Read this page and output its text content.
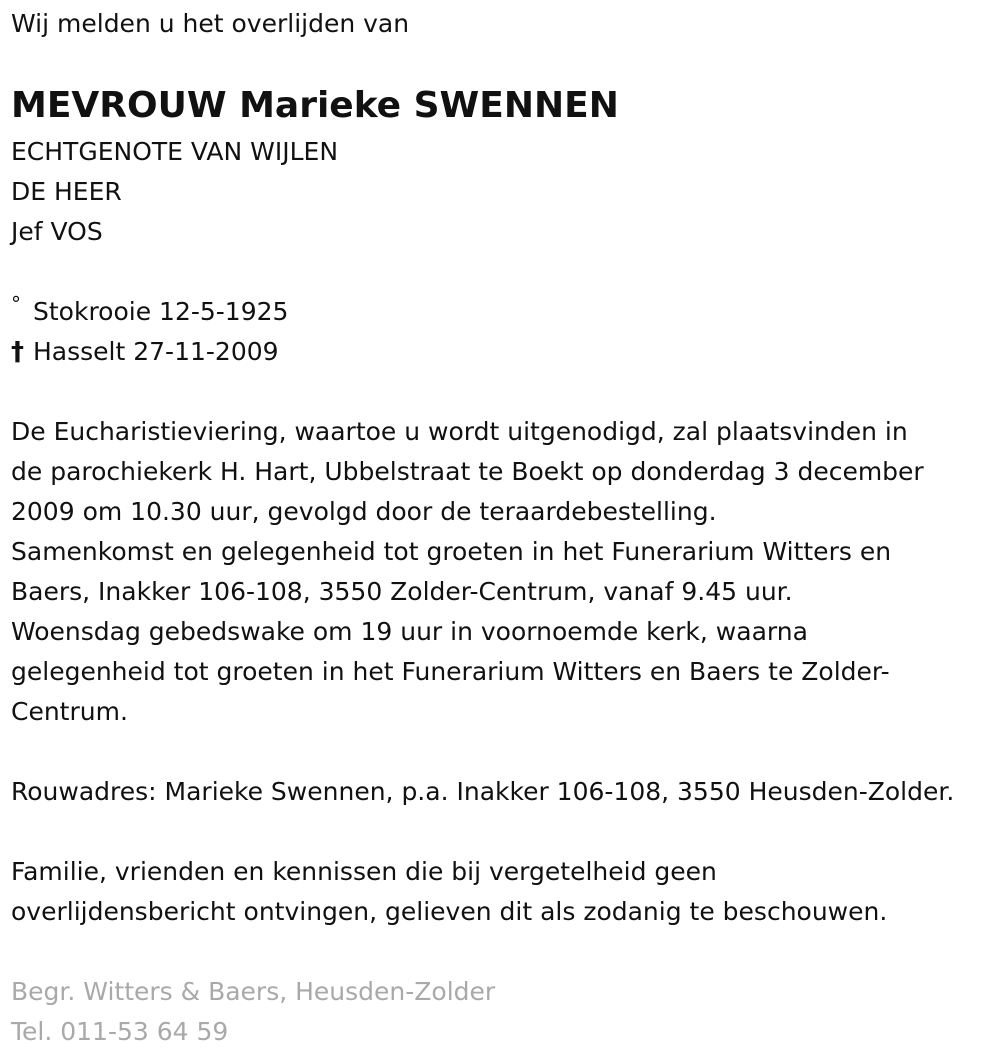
Wij melden u het overlijden van
MEVROUW Marieke SWENNEN
ECHTGENOTE VAN WIJLEN
DE HEER
Jef VOS
° Stokrooie 12-5-1925
† Hasselt 27-11-2009
De Eucharistieviering, waartoe u wordt uitgenodigd, zal plaatsvinden in
de parochiekerk H. Hart, Ubbelstraat te Boekt op donderdag 3 december
2009 om 10.30 uur, gevolgd door de teraardebestelling.
Samenkomst en gelegenheid tot groeten in het Funerarium Witters en
Baers, Inakker 106-108, 3550 Zolder-Centrum, vanaf 9.45 uur.
Woensdag gebedswake om 19 uur in voornoemde kerk, waarna
gelegenheid tot groeten in het Funerarium Witters en Baers te Zolder-
Centrum.
Rouwadres: Marieke Swennen, p.a. Inakker 106-108, 3550 Heusden-Zolder.
Familie, vrienden en kennissen die bij vergetelheid geen
overlijdensbericht ontvingen, gelieven dit als zodanig te beschouwen.
Begr. Witters & Baers, Heusden-Zolder
Tel. 011-53 64 59
